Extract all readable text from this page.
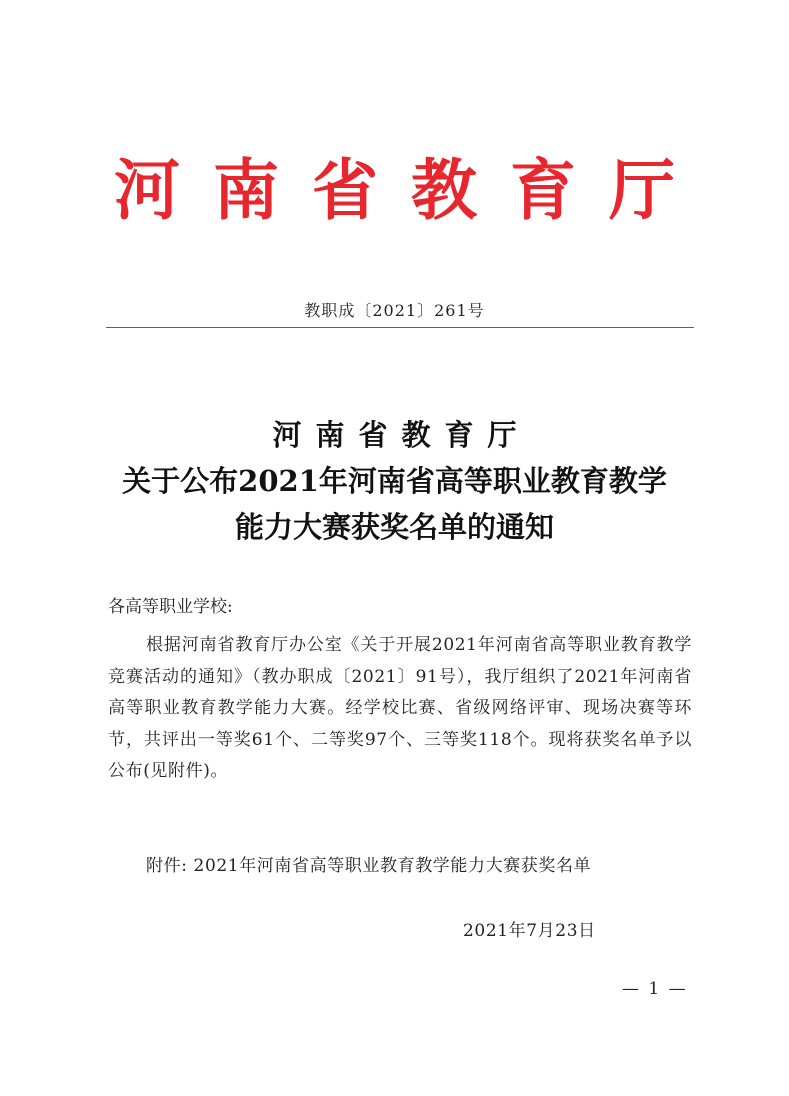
河南省教育厅
教职成〔2021〕261号
河南省教育厅
关于公布2021年河南省高等职业教育教学
能力大赛获奖名单的通知
各高等职业学校:
根据河南省教育厅办公室《关于开展2021年河南省高等职业教育教学竞赛活动的通知》（教办职成〔2021〕91号），我厅组织了2021年河南省高等职业教育教学能力大赛。经学校比赛、省级网络评审、现场决赛等环节，共评出一等奖61个、二等奖97个、三等奖118个。现将获奖名单予以公布(见附件)。
附件: 2021年河南省高等职业教育教学能力大赛获奖名单
2021年7月23日
— 1 —
